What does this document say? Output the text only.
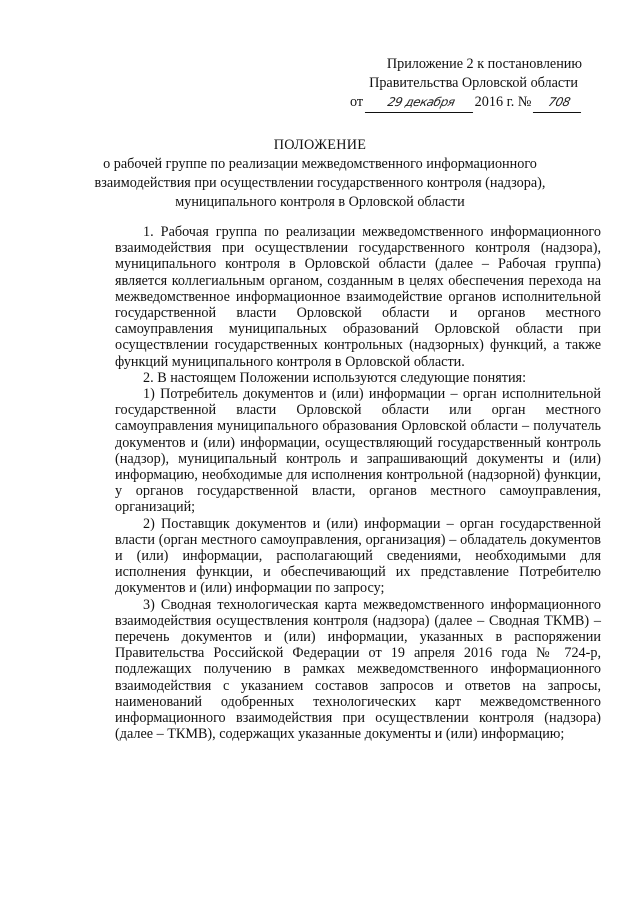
Приложение 2 к постановлению
Правительства Орловской области
от 29 декабря 2016 г. № 708
ПОЛОЖЕНИЕ
о рабочей группе по реализации межведомственного информационного
взаимодействия при осуществлении государственного контроля (надзора),
муниципального контроля в Орловской области

1. Рабочая группа по реализации межведомственного информационного взаимодействия при осуществлении государственного контроля (надзора), муниципального контроля в Орловской области (далее – Рабочая группа) является коллегиальным органом, созданным в целях обеспечения перехода на межведомственное информационное взаимодействие органов исполнительной государственной власти Орловской области и органов местного самоуправления муниципальных образований Орловской области при осуществлении государственных контрольных (надзорных) функций, а также функций муниципального контроля в Орловской области.

2. В настоящем Положении используются следующие понятия:

1) Потребитель документов и (или) информации – орган исполнительной государственной власти Орловской области или орган местного самоуправления муниципального образования Орловской области – получатель документов и (или) информации, осуществляющий государственный контроль (надзор), муниципальный контроль и запрашивающий документы и (или) информацию, необходимые для исполнения контрольной (надзорной) функции, у органов государственной власти, органов местного самоуправления, организаций;

2) Поставщик документов и (или) информации – орган государственной власти (орган местного самоуправления, организация) – обладатель документов и (или) информации, располагающий сведениями, необходимыми для исполнения функции, и обеспечивающий их представление Потребителю документов и (или) информации по запросу;

3) Сводная технологическая карта межведомственного информационного взаимодействия осуществления контроля (надзора) (далее – Сводная ТКМВ) – перечень документов и (или) информации, указанных в распоряжении Правительства Российской Федерации от 19 апреля 2016 года № 724-р, подлежащих получению в рамках межведомственного информационного взаимодействия с указанием составов запросов и ответов на запросы, наименований одобренных технологических карт межведомственного информационного взаимодействия при осуществлении контроля (надзора) (далее – ТКМВ), содержащих указанные документы и (или) информацию;
